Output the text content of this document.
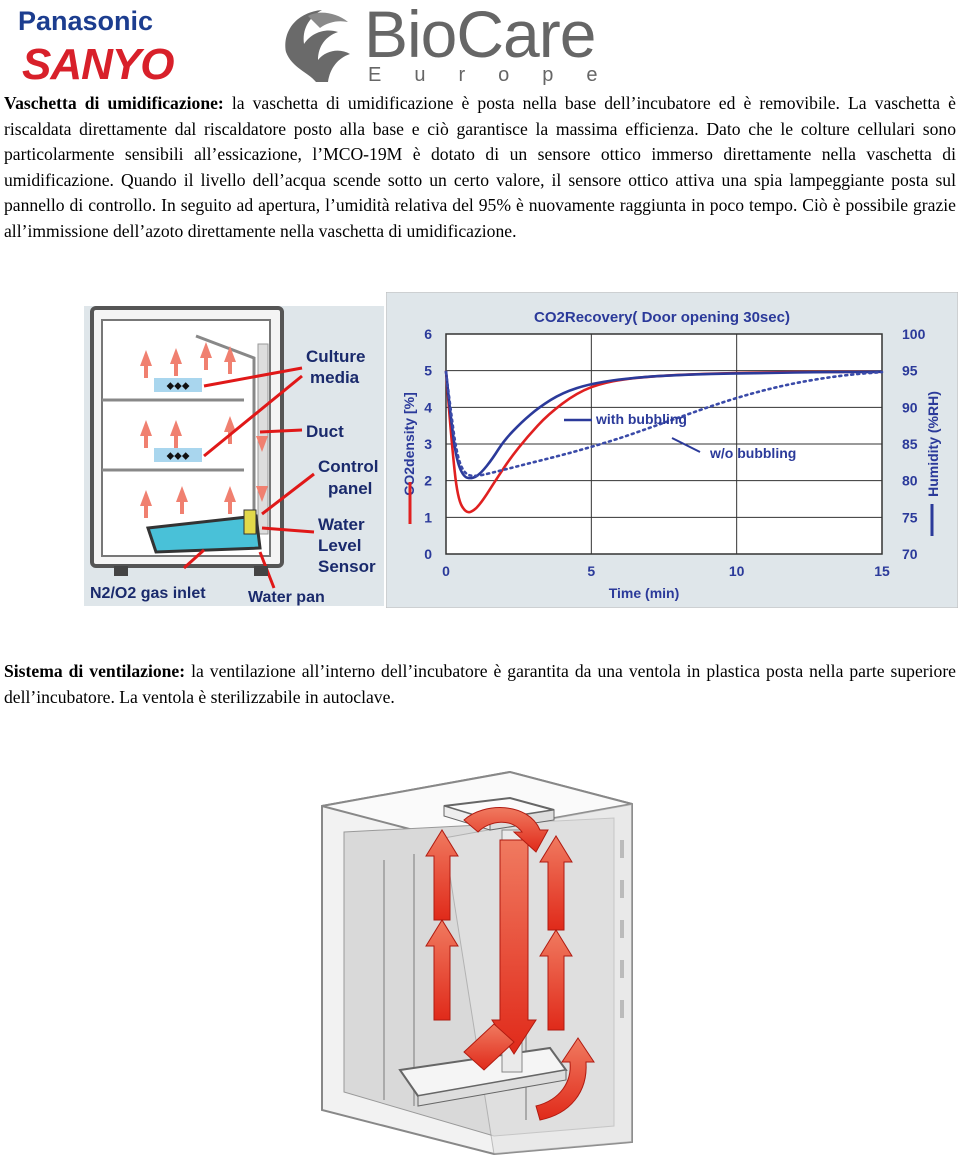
Panasonic
SANYO	BioCare
Europe
Vaschetta di umidificazione: la vaschetta di umidificazione è posta nella base dell’incubatore ed è removibile. La vaschetta è riscaldata direttamente dal riscaldatore posto alla base e ciò garantisce la massima efficienza. Dato che le colture cellulari sono particolarmente sensibili all’essicazione, l’MCO-19M è dotato di un sensore ottico immerso direttamente nella vaschetta di umidificazione. Quando il livello dell’acqua scende sotto un certo valore, il sensore ottico attiva una spia lampeggiante posta sul pannello di controllo. In seguito ad apertura, l’umidità relativa del 95% è nuovamente raggiunta in poco tempo. Ciò è possibile grazie all’immissione dell’azoto direttamente nella vaschetta di umidificazione.
⬥⬥⬥
⬥⬥⬥
Culture media
Duct
Control panel
Water Level Sensor
N2/O2 gas inlet	Water pan
CO2Recovery( Door opening 30sec)
Time (min)
CO2density [%]	Humidity (%RH)
0
1
2
3
4
5
6
70
75
80
85
90
95
100
0	5	10	15
with bubbling
w/o bubbling
Sistema di ventilazione: la ventilazione all’interno dell’incubatore è garantita da una ventola in plastica posta nella parte superiore dell’incubatore. La ventola è sterilizzabile in autoclave.
